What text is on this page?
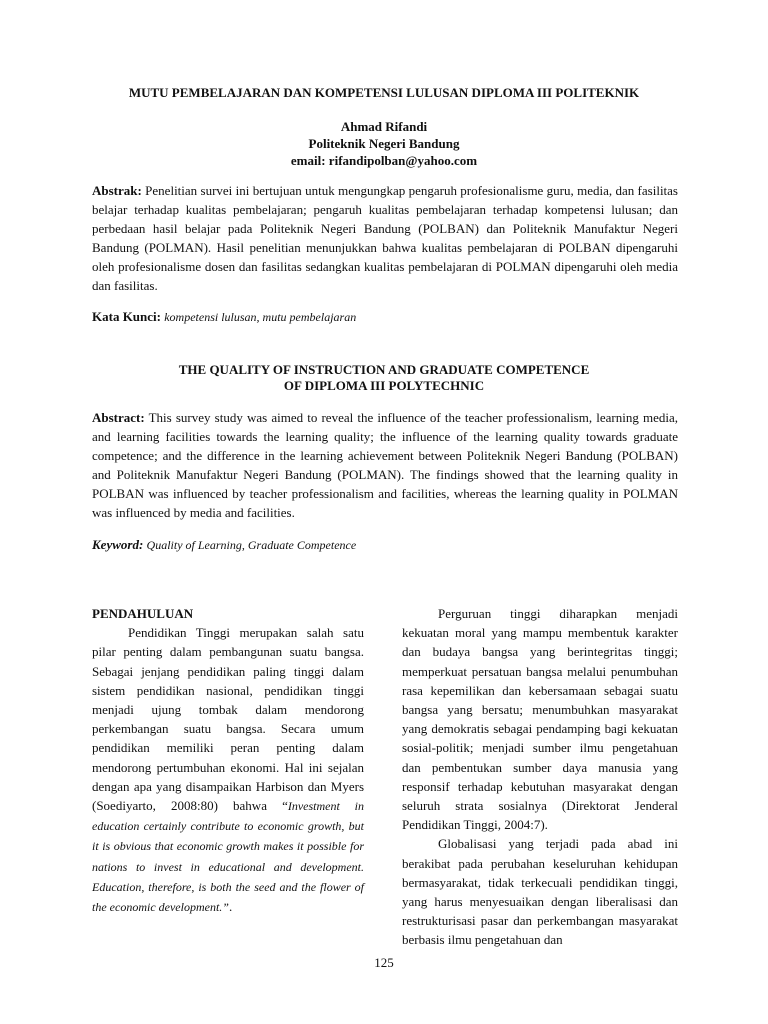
MUTU PEMBELAJARAN DAN KOMPETENSI LULUSAN DIPLOMA III POLITEKNIK
Ahmad Rifandi
Politeknik Negeri Bandung
email: rifandipolban@yahoo.com
Abstrak: Penelitian survei ini bertujuan untuk mengungkap pengaruh profesionalisme guru, media, dan fasilitas belajar terhadap kualitas pembelajaran; pengaruh kualitas pembelajaran terhadap kompetensi lulusan; dan perbedaan hasil belajar pada Politeknik Negeri Bandung (POLBAN) dan Politeknik Manufaktur Negeri Bandung (POLMAN). Hasil penelitian menunjukkan bahwa kualitas pembelajaran di POLBAN dipengaruhi oleh profesionalisme dosen dan fasilitas sedangkan kualitas pembelajaran di POLMAN dipengaruhi oleh media dan fasilitas.
Kata Kunci: kompetensi lulusan, mutu pembelajaran
THE QUALITY OF INSTRUCTION AND GRADUATE COMPETENCE
OF DIPLOMA III POLYTECHNIC
Abstract: This survey study was aimed to reveal the influence of the teacher professionalism, learning media, and learning facilities towards the learning quality; the influence of the learning quality towards graduate competence; and the difference in the learning achievement between Politeknik Negeri Bandung (POLBAN) and Politeknik Manufaktur Negeri Bandung (POLMAN). The findings showed that the learning quality in POLBAN was influenced by teacher professionalism and facilities, whereas the learning quality in POLMAN was influenced by media and facilities.
Keyword: Quality of Learning, Graduate Competence
PENDAHULUAN

Pendidikan Tinggi merupakan salah satu pilar penting dalam pembangunan suatu bangsa. Sebagai jenjang pendidikan paling tinggi dalam sistem pendidikan nasional, pendidikan tinggi menjadi ujung tombak dalam mendorong perkembangan suatu bangsa. Secara umum pendidikan memiliki peran penting dalam mendorong pertumbuhan ekonomi. Hal ini sejalan dengan apa yang disampaikan Harbison dan Myers (Soediyarto, 2008:80) bahwa “Investment in education certainly contribute to economic growth, but it is obvious that economic growth makes it possible for nations to invest in educational and development. Education, therefore, is both the seed and the flower of the economic development.”.

Perguruan tinggi diharapkan menjadi kekuatan moral yang mampu membentuk karakter dan budaya bangsa yang berintegritas tinggi; memperkuat persatuan bangsa melalui penumbuhan rasa kepemilikan dan kebersamaan sebagai suatu bangsa yang bersatu; menumbuhkan masyarakat yang demokratis sebagai pendamping bagi kekuatan sosial-politik; menjadi sumber ilmu pengetahuan dan pembentukan sumber daya manusia yang responsif terhadap kebutuhan masyarakat dengan seluruh strata sosialnya (Direktorat Jenderal Pendidikan Tinggi, 2004:7).

Globalisasi yang terjadi pada abad ini berakibat pada perubahan keseluruhan kehidupan bermasyarakat, tidak terkecuali pendidikan tinggi, yang harus menyesuaikan dengan liberalisasi dan restrukturisasi pasar dan perkembangan masyarakat berbasis ilmu pengetahuan dan

125
